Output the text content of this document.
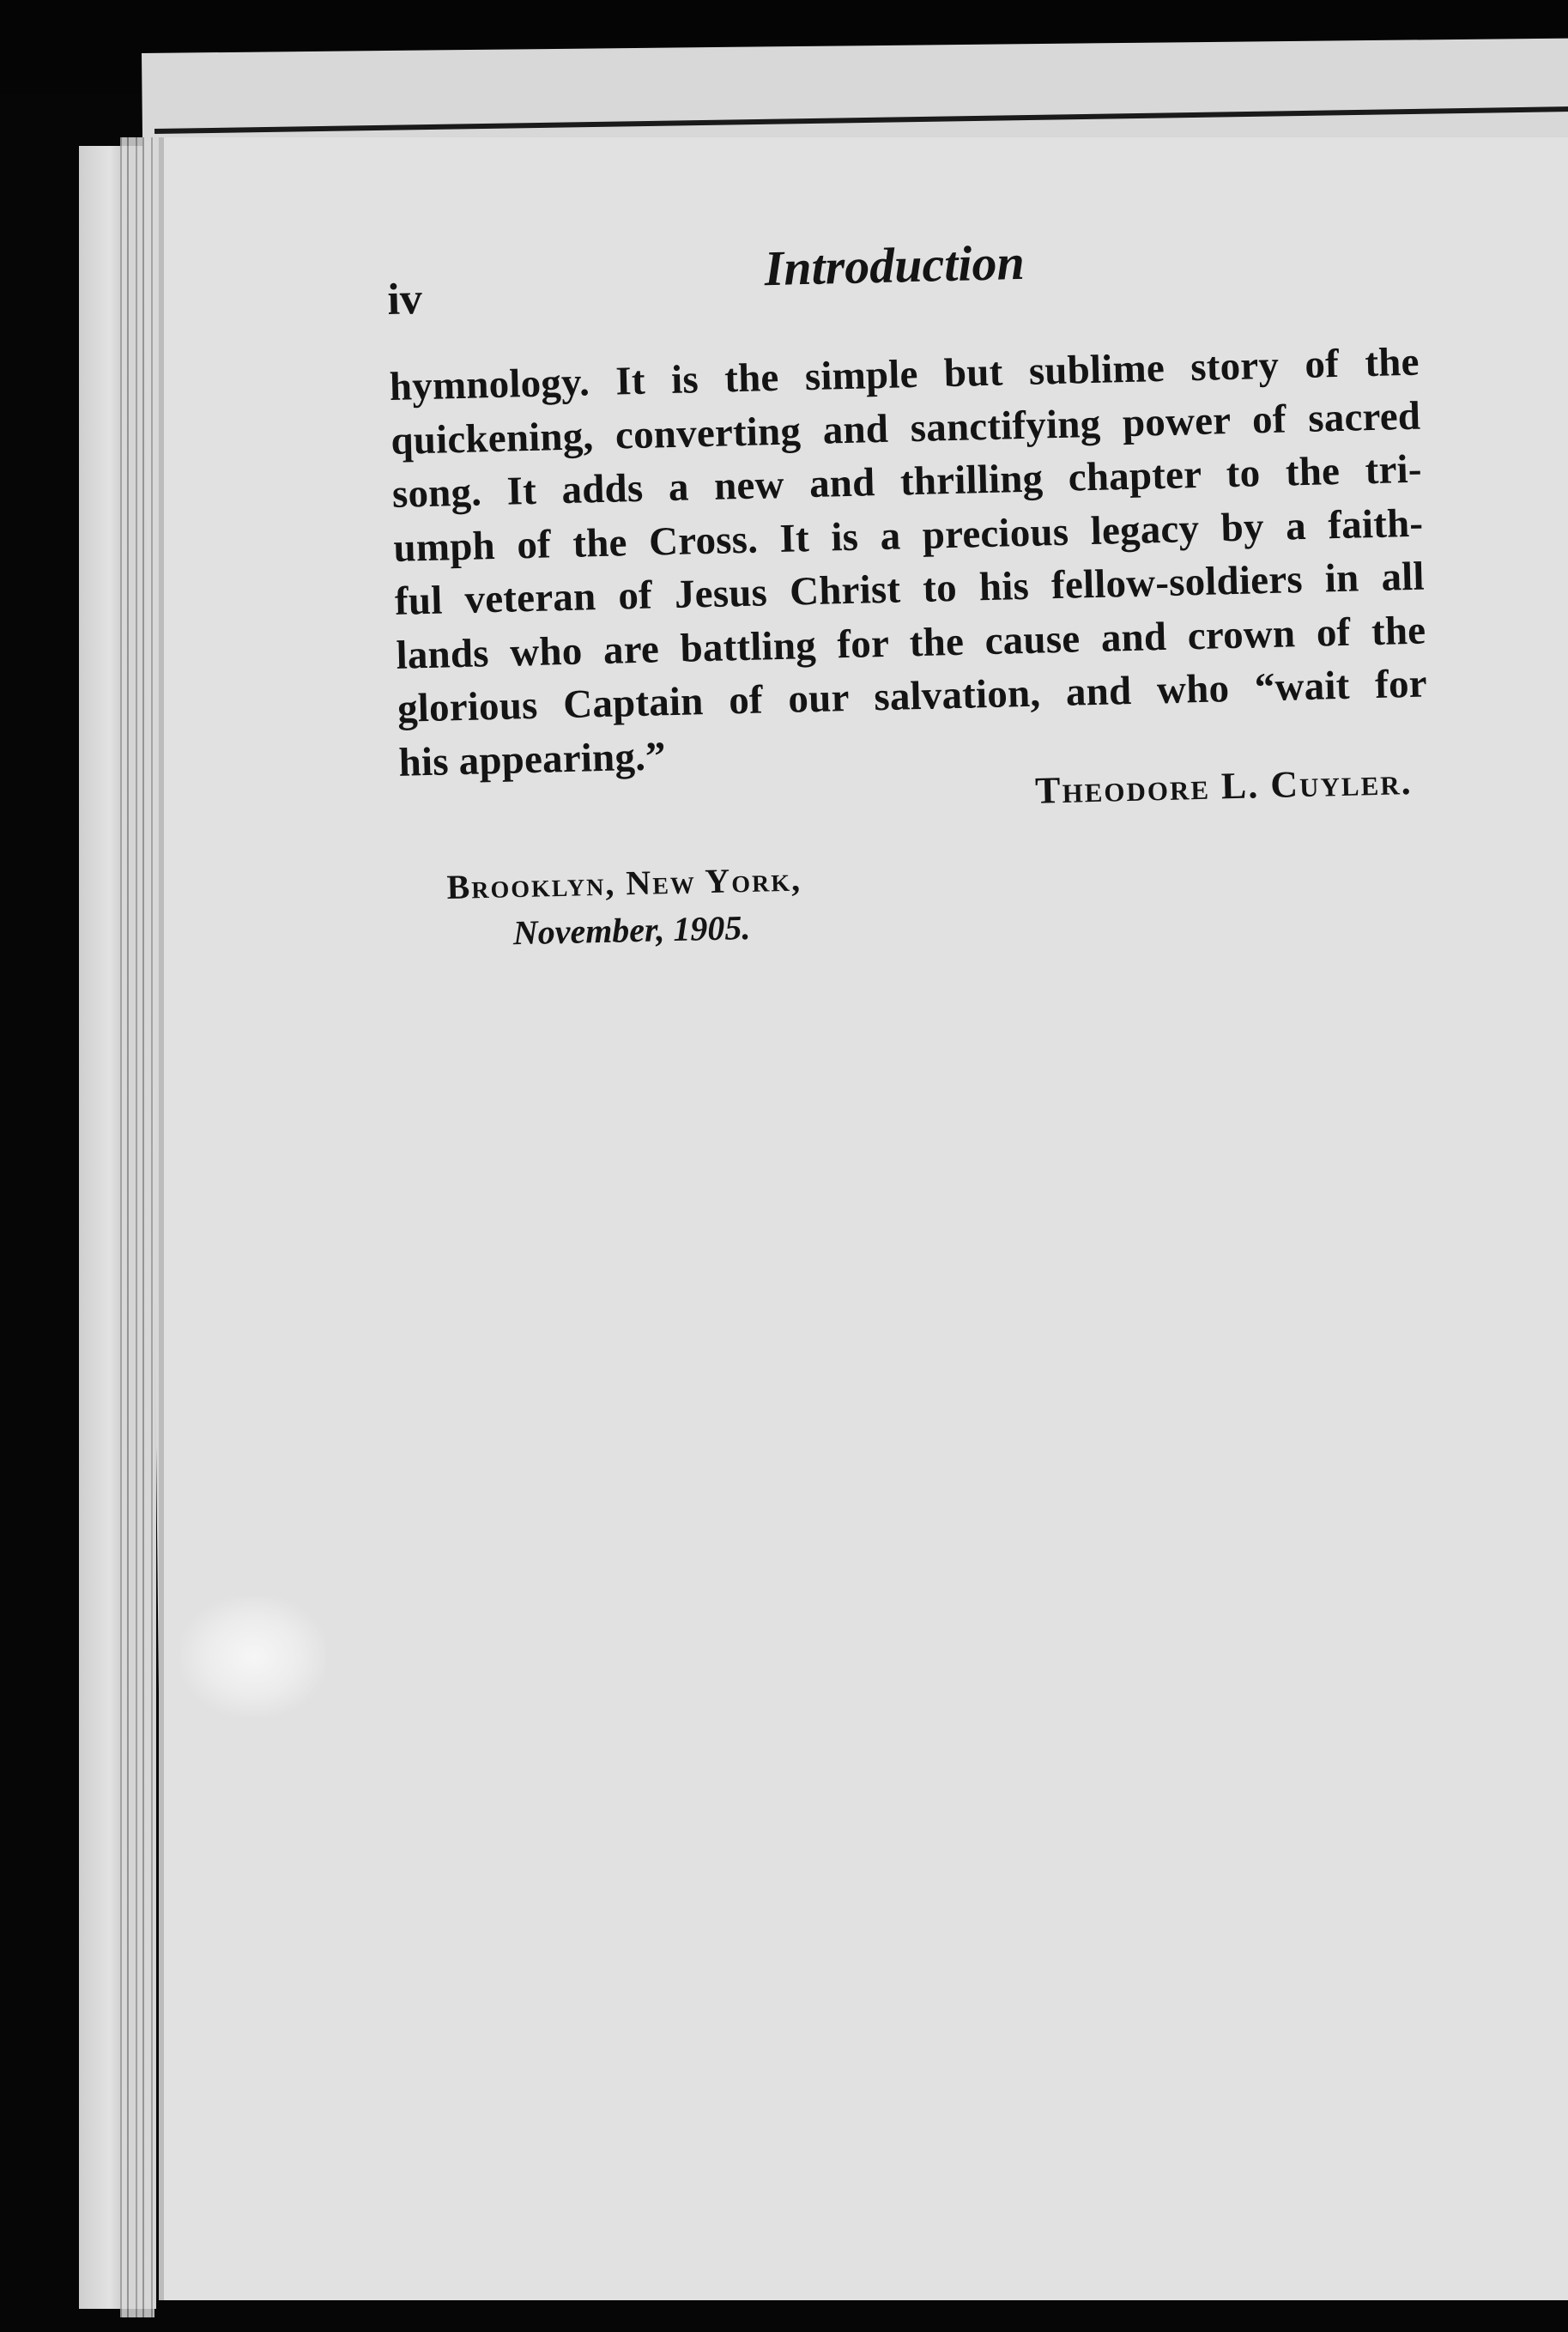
iv
Introduction
hymnology. It is the simple but sublime story of the
quickening, converting and sanctifying power of sacred
song. It adds a new and thrilling chapter to the tri-
umph of the Cross. It is a precious legacy by a faith-
ful veteran of Jesus Christ to his fellow-soldiers in all
lands who are battling for the cause and crown of the
glorious Captain of our salvation, and who “wait for
his appearing.”
Theodore L. Cuyler.
Brooklyn, New York,
November, 1905.
